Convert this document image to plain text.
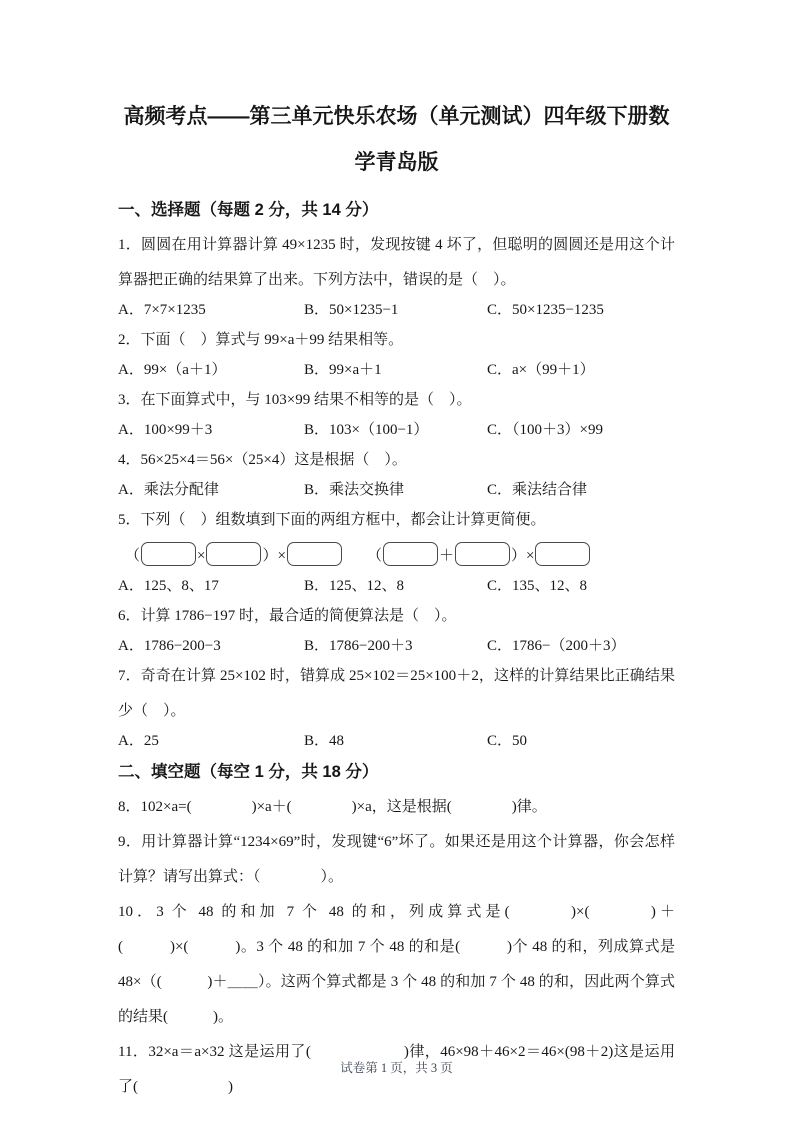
高频考点——第三单元快乐农场（单元测试）四年级下册数学青岛版
一、选择题（每题 2 分，共 14 分）

1．圆圆在用计算器计算 49×1235 时，发现按键 4 坏了，但聪明的圆圆还是用这个计算器把正确的结果算了出来。下列方法中，错误的是（　）。

A．7×7×1235	B．50×1235−1	C．50×1235−1235

2．下面（　）算式与 99×a＋99 结果相等。

A．99×（a＋1）	B．99×a＋1	C．a×（99＋1）

3．在下面算式中，与 103×99 结果不相等的是（　）。

A．100×99＋3	B．103×（100−1）	C．（100＋3）×99

4．56×25×4＝56×（25×4）这是根据（　）。

A．乘法分配律	B．乘法交换律	C．乘法结合律

5．下列（　）组数填到下面的两组方框中，都会让计算更简便。

（	×	）×	（	＋	）×
A．125、8、17	B．125、12、8	C．135、12、8

6．计算 1786−197 时，最合适的简便算法是（　）。

A．1786−200−3	B．1786−200＋3	C．1786−（200＋3）

7．奇奇在计算 25×102 时，错算成 25×102＝25×100＋2，这样的计算结果比正确结果少（　）。

A．25	B．48	C．50
二、填空题（每空 1 分，共 18 分）

8．102×a=(　　　　)×a＋(　　　　)×a，这是根据(　　　　)律。

9．用计算器计算“1234×69”时，发现键“6”坏了。如果还是用这个计算器，你会怎样计算？请写出算式：（　　　　）。

10．3 个 48 的和加 7 个 48 的和，列成算式是(　　　)×(　　　)＋(　　　)×(　　　)。3 个 48 的和加 7 个 48 的和是(　　　)个 48 的和，列成算式是 48×（(　　　)＋＿＿）。这两个算式都是 3 个 48 的和加 7 个 48 的和，因此两个算式的结果(　　　)。

11．32×a＝a×32 这是运用了(　　　　　　)律，46×98＋46×2＝46×(98＋2)这是运用了(　　　　　　)

试卷第 1 页，共 3 页
